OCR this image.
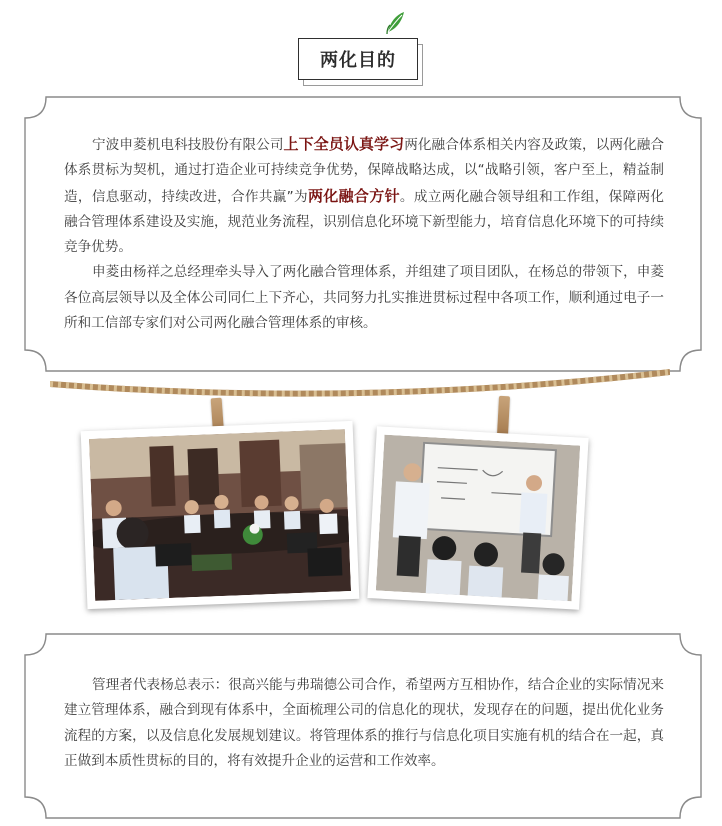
两化目的

宁波申菱机电科技股份有限公司上下全员认真学习两化融合体系相关内容及政策，以两化融合体系贯标为契机，通过打造企业可持续竞争优势，保障战略达成，以“战略引领，客户至上，精益制造，信息驱动，持续改进，合作共赢”为两化融合方针。成立两化融合领导组和工作组，保障两化融合管理体系建设及实施，规范业务流程，识别信息化环境下新型能力，培育信息化环境下的可持续竞争优势。

申菱由杨祥之总经理牵头导入了两化融合管理体系，并组建了项目团队，在杨总的带领下，申菱各位高层领导以及全体公司同仁上下齐心，共同努力扎实推进贯标过程中各项工作，顺利通过电子一所和工信部专家们对公司两化融合管理体系的审核。

管理者代表杨总表示：很高兴能与弗瑞德公司合作，希望两方互相协作，结合企业的实际情况来建立管理体系，融合到现有体系中，全面梳理公司的信息化的现状，发现存在的问题，提出优化业务流程的方案，以及信息化发展规划建议。将管理体系的推行与信息化项目实施有机的结合在一起，真正做到本质性贯标的目的，将有效提升企业的运营和工作效率。
